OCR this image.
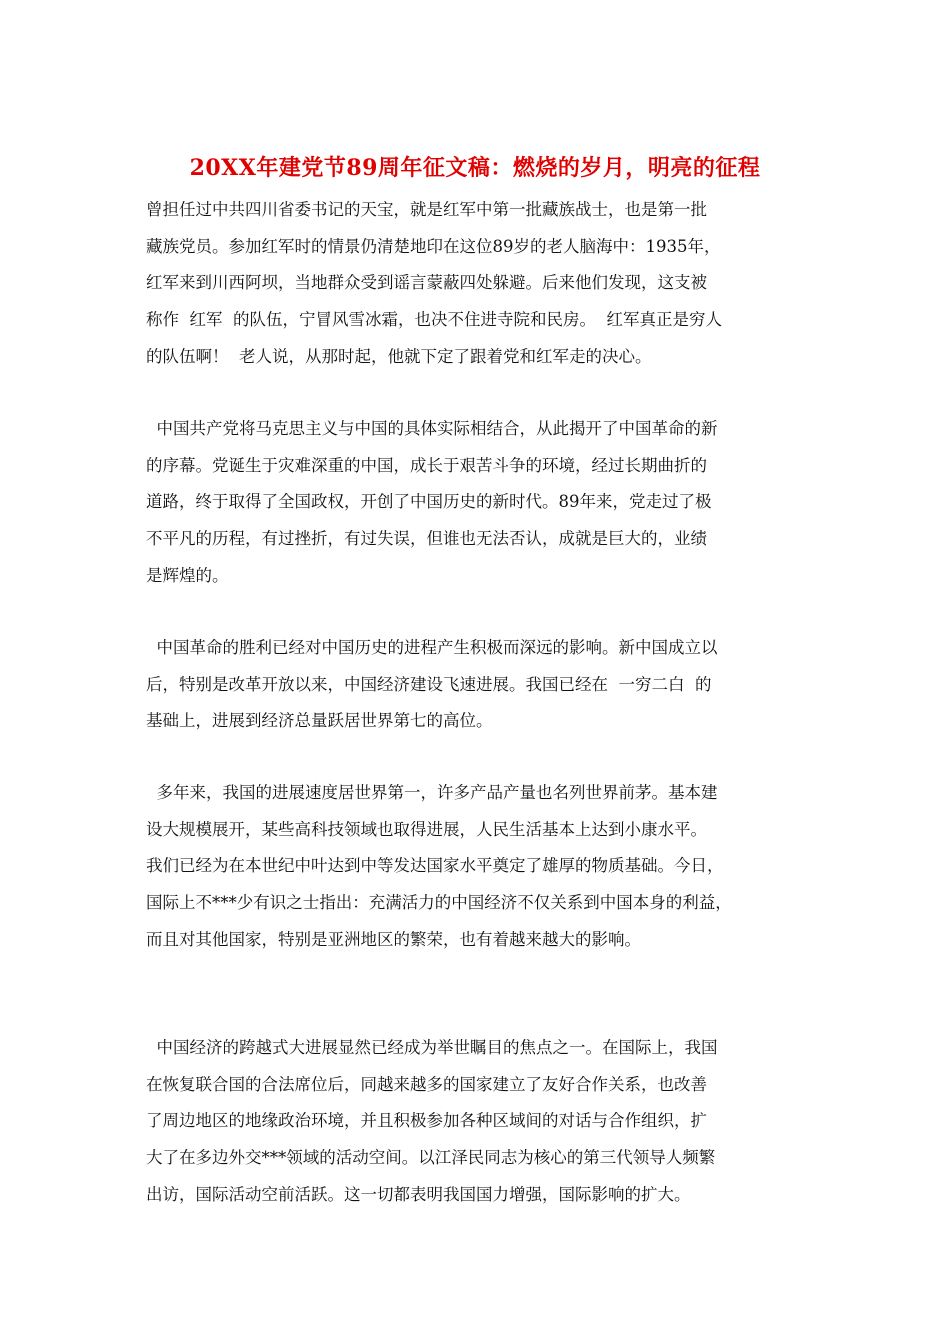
20XX年建党节89周年征文稿：燃烧的岁月，明亮的征程
曾担任过中共四川省委书记的天宝，就是红军中第一批藏族战士，也是第一批
藏族党员。参加红军时的情景仍清楚地印在这位89岁的老人脑海中：1935年，
红军来到川西阿坝，当地群众受到谣言蒙蔽四处躲避。后来他们发现，这支被
称作  红军  的队伍，宁冒风雪冰霜，也决不住进寺院和民房。  红军真正是穷人
的队伍啊！  老人说，从那时起，他就下定了跟着党和红军走的决心。
中国共产党将马克思主义与中国的具体实际相结合，从此揭开了中国革命的新
的序幕。党诞生于灾难深重的中国，成长于艰苦斗争的环境，经过长期曲折的
道路，终于取得了全国政权，开创了中国历史的新时代。89年来，党走过了极
不平凡的历程，有过挫折，有过失误，但谁也无法否认，成就是巨大的，业绩
是辉煌的。
中国革命的胜利已经对中国历史的进程产生积极而深远的影响。新中国成立以
后，特别是改革开放以来，中国经济建设飞速进展。我国已经在  一穷二白  的
基础上，进展到经济总量跃居世界第七的高位。
多年来，我国的进展速度居世界第一，许多产品产量也名列世界前茅。基本建
设大规模展开，某些高科技领域也取得进展，人民生活基本上达到小康水平。
我们已经为在本世纪中叶达到中等发达国家水平奠定了雄厚的物质基础。今日，
国际上不***少有识之士指出：充满活力的中国经济不仅关系到中国本身的利益，
而且对其他国家，特别是亚洲地区的繁荣，也有着越来越大的影响。
中国经济的跨越式大进展显然已经成为举世瞩目的焦点之一。在国际上，我国
在恢复联合国的合法席位后，同越来越多的国家建立了友好合作关系，也改善
了周边地区的地缘政治环境，并且积极参加各种区域间的对话与合作组织，扩
大了在多边外交***领域的活动空间。以江泽民同志为核心的第三代领导人频繁
出访，国际活动空前活跃。这一切都表明我国国力增强，国际影响的扩大。
